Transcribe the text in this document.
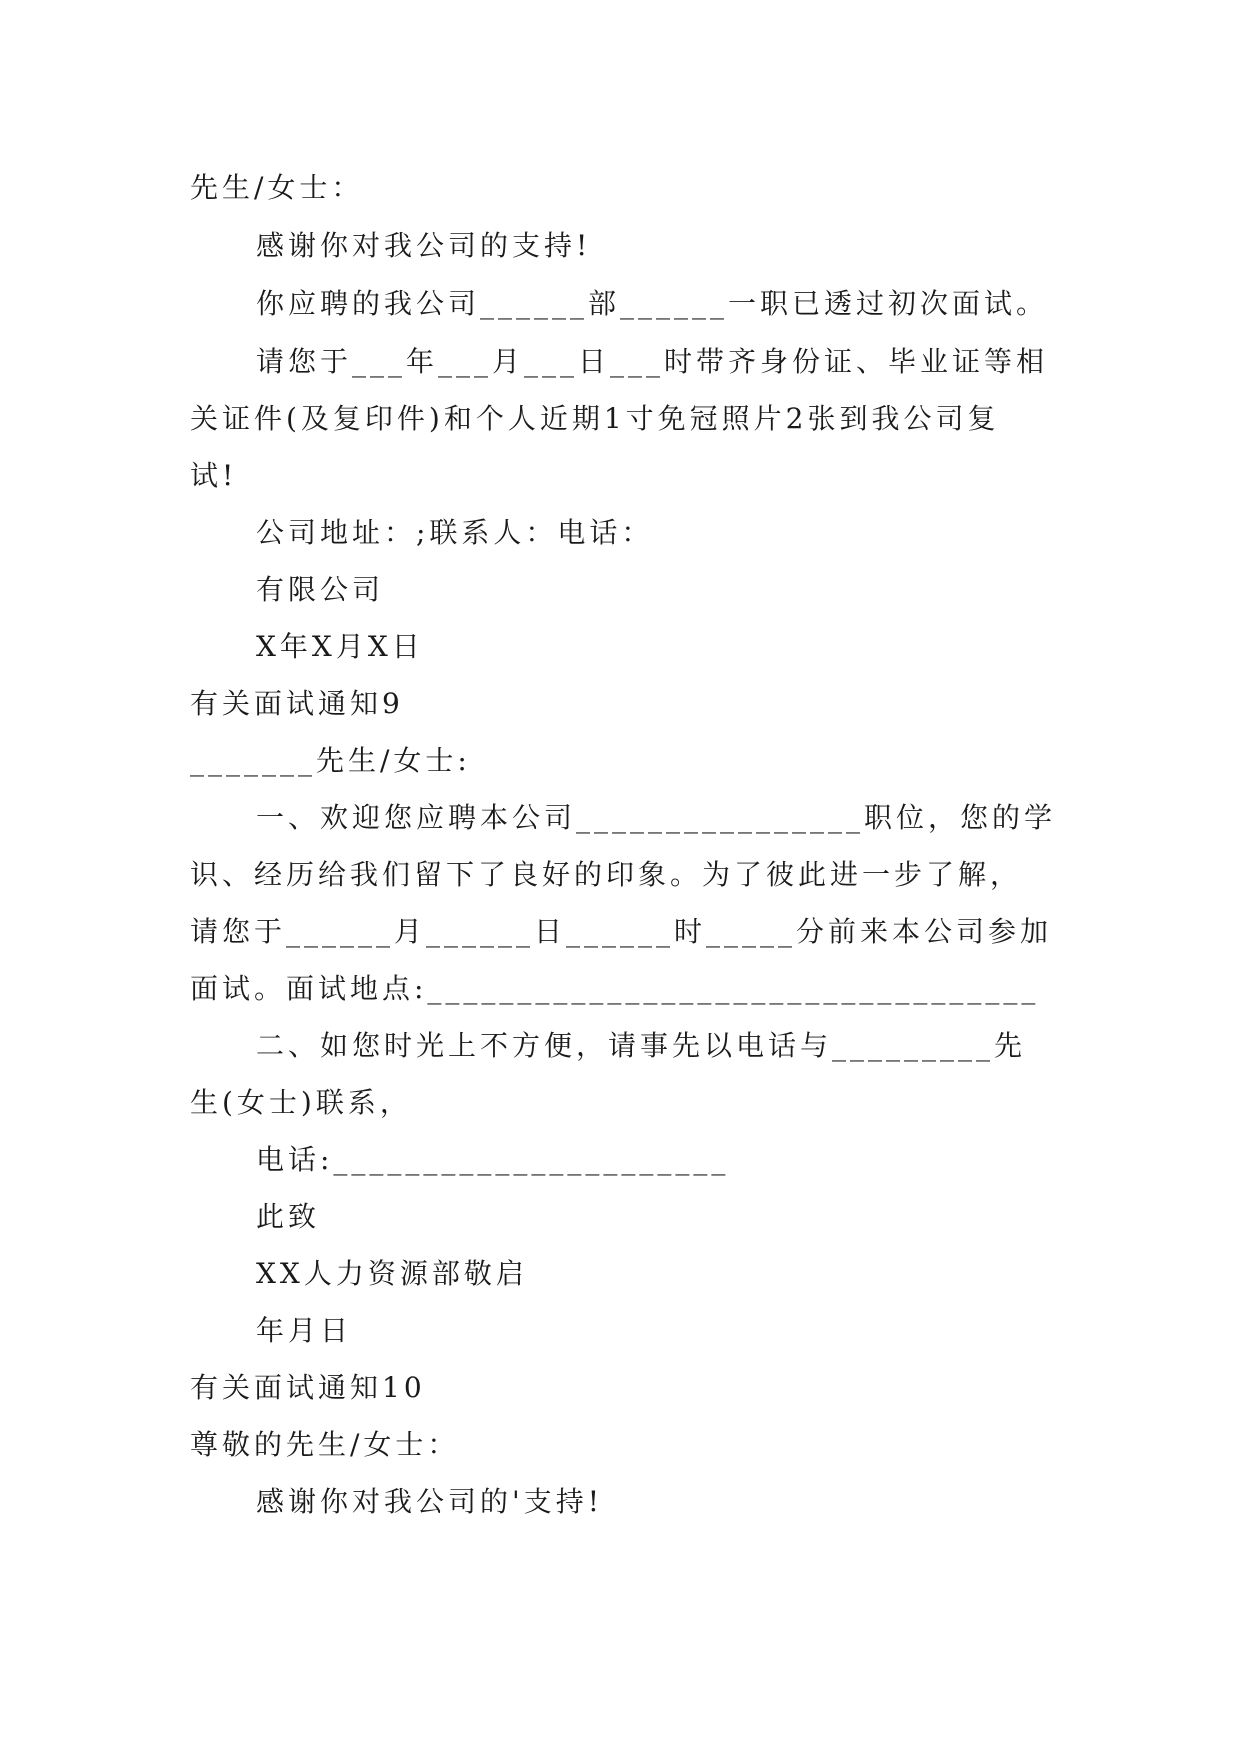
先生/女士：
感谢你对我公司的支持!
你应聘的我公司______部______一职已透过初次面试。
请您于___年___月___日___时带齐身份证、毕业证等相
关证件(及复印件)和个人近期1寸免冠照片2张到我公司复
试!
公司地址：;联系人：电话：
有限公司
X年X月X日
有关面试通知9
_______先生/女士:
一、欢迎您应聘本公司________________职位，您的学
识、经历给我们留下了良好的印象。为了彼此进一步了解，
请您于______月______日______时_____分前来本公司参加
面试。面试地点:__________________________________
二、如您时光上不方便，请事先以电话与_________先
生(女士)联系，
电话:______________________
此致
XX人力资源部敬启
年月日
有关面试通知10
尊敬的先生/女士：
感谢你对我公司的'支持!
